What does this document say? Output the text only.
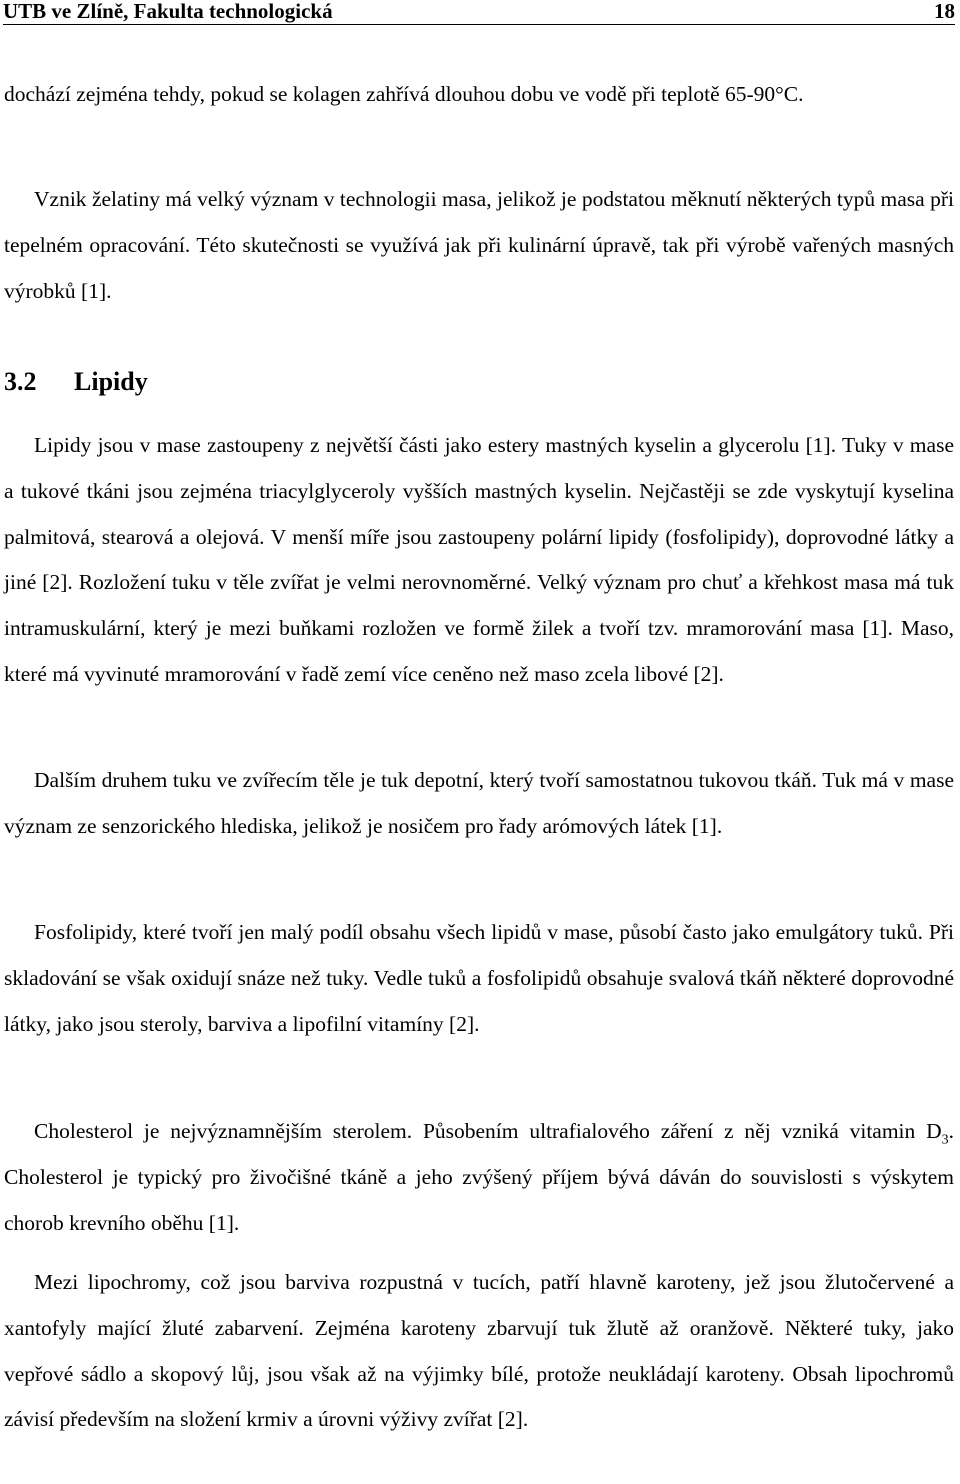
UTB ve Zlíně, Fakulta technologická	18

dochází zejména tehdy, pokud se kolagen zahřívá dlouhou dobu ve vodě při teplotě 65-90°C.

Vznik želatiny má velký význam v technologii masa, jelikož je podstatou měknutí některých typů masa při tepelném opracování. Této skutečnosti se využívá jak při kulinární úpravě, tak při výrobě vařených masných výrobků [1].

3.2 Lipidy

Lipidy jsou v mase zastoupeny z největší části jako estery mastných kyselin a glycerolu [1]. Tuky v mase a tukové tkáni jsou zejména triacylglyceroly vyšších mastných kyselin. Nejčastěji se zde vyskytují kyselina palmitová, stearová a olejová. V menší míře jsou zastoupeny polární lipidy (fosfolipidy), doprovodné látky a jiné [2]. Rozložení tuku v těle zvířat je velmi nerovnoměrné. Velký význam pro chuť a křehkost masa má tuk intramuskulární, který je mezi buňkami rozložen ve formě žilek a tvoří tzv. mramorování masa [1]. Maso, které má vyvinuté mramorování v řadě zemí více ceněno než maso zcela libové [2].

Dalším druhem tuku ve zvířecím těle je tuk depotní, který tvoří samostatnou tukovou tkáň. Tuk má v mase význam ze senzorického hlediska, jelikož je nosičem pro řady arómových látek [1].

Fosfolipidy, které tvoří jen malý podíl obsahu všech lipidů v mase, působí často jako emulgátory tuků. Při skladování se však oxidují snáze než tuky. Vedle tuků a fosfolipidů obsahuje svalová tkáň některé doprovodné látky, jako jsou steroly, barviva a lipofilní vitamíny [2].

Cholesterol je nejvýznamnějším sterolem. Působením ultrafialového záření z něj vzniká vitamin $D_3$. Cholesterol je typický pro živočišné tkáně a jeho zvýšený příjem bývá dáván do souvislosti s výskytem chorob krevního oběhu [1].

Mezi lipochromy, což jsou barviva rozpustná v tucích, patří hlavně karoteny, jež jsou žlutočervené a xantofyly mající žluté zabarvení. Zejména karoteny zbarvují tuk žlutě až oranžově. Některé tuky, jako vepřové sádlo a skopový lůj, jsou však až na výjimky bílé, protože neukládají karoteny. Obsah lipochromů závisí především na složení krmiv a úrovni výživy zvířat [2].
